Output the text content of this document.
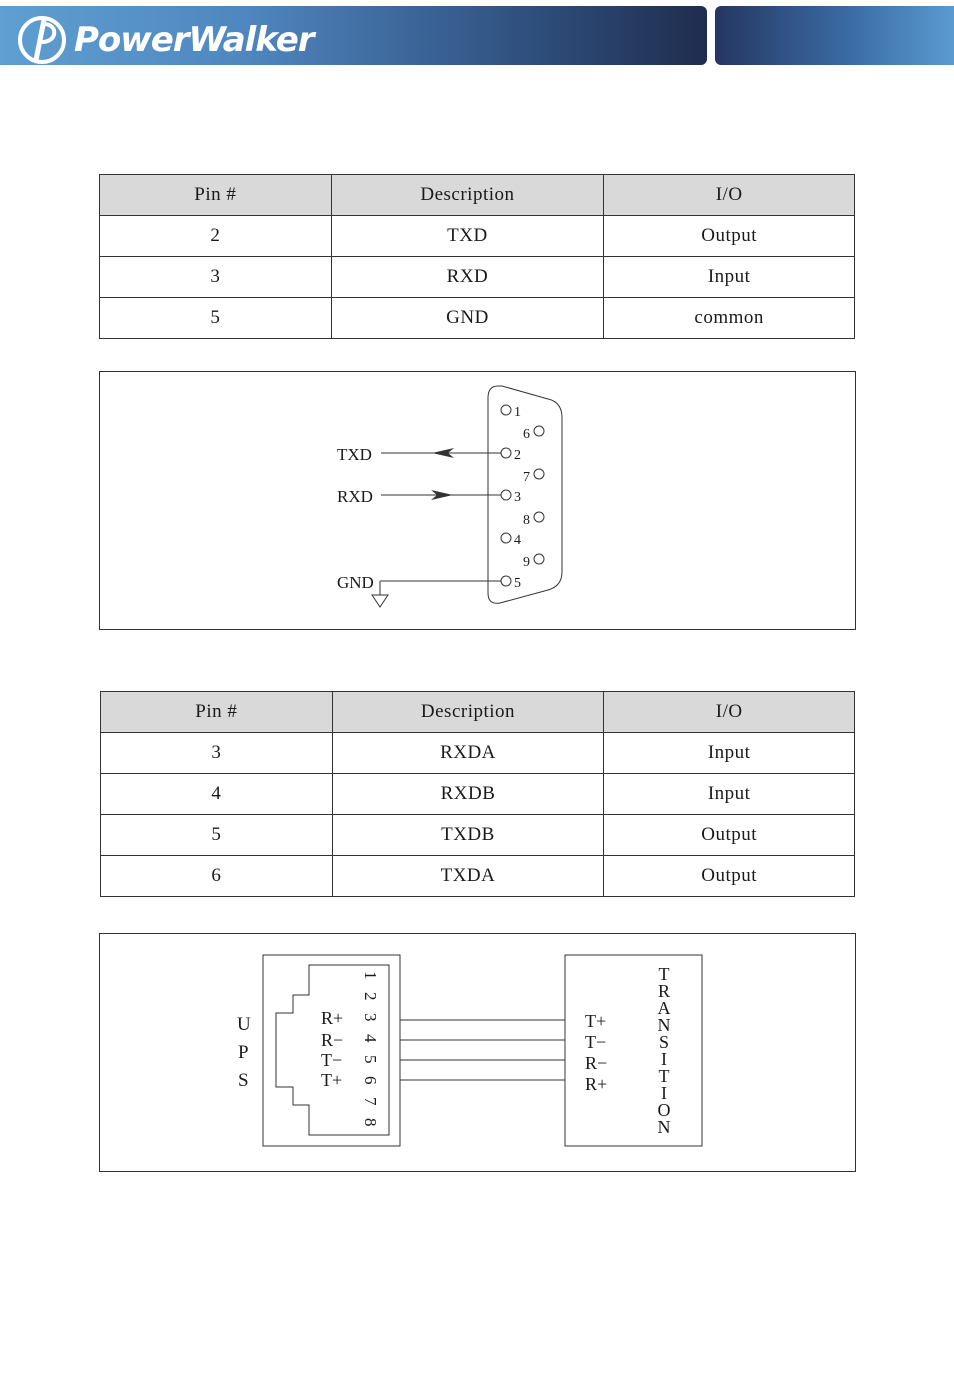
PowerWalker
Pin #	Description	I/O
2	TXD	Output
3	RXD	Input
5	GND	common
1
2
3
4
5
6
7
8
9
TXD
RXD
GND
Pin #	Description	I/O
3	RXDA	Input
4	RXDB	Input
5	TXDB	Output
6	TXDA	Output
U
P
S
1
2
3
4
5
6
7
8
R+
R−
T−
T+
T+
T−
R−
R+
T
R
A
N
S
I
T
I
O
N
